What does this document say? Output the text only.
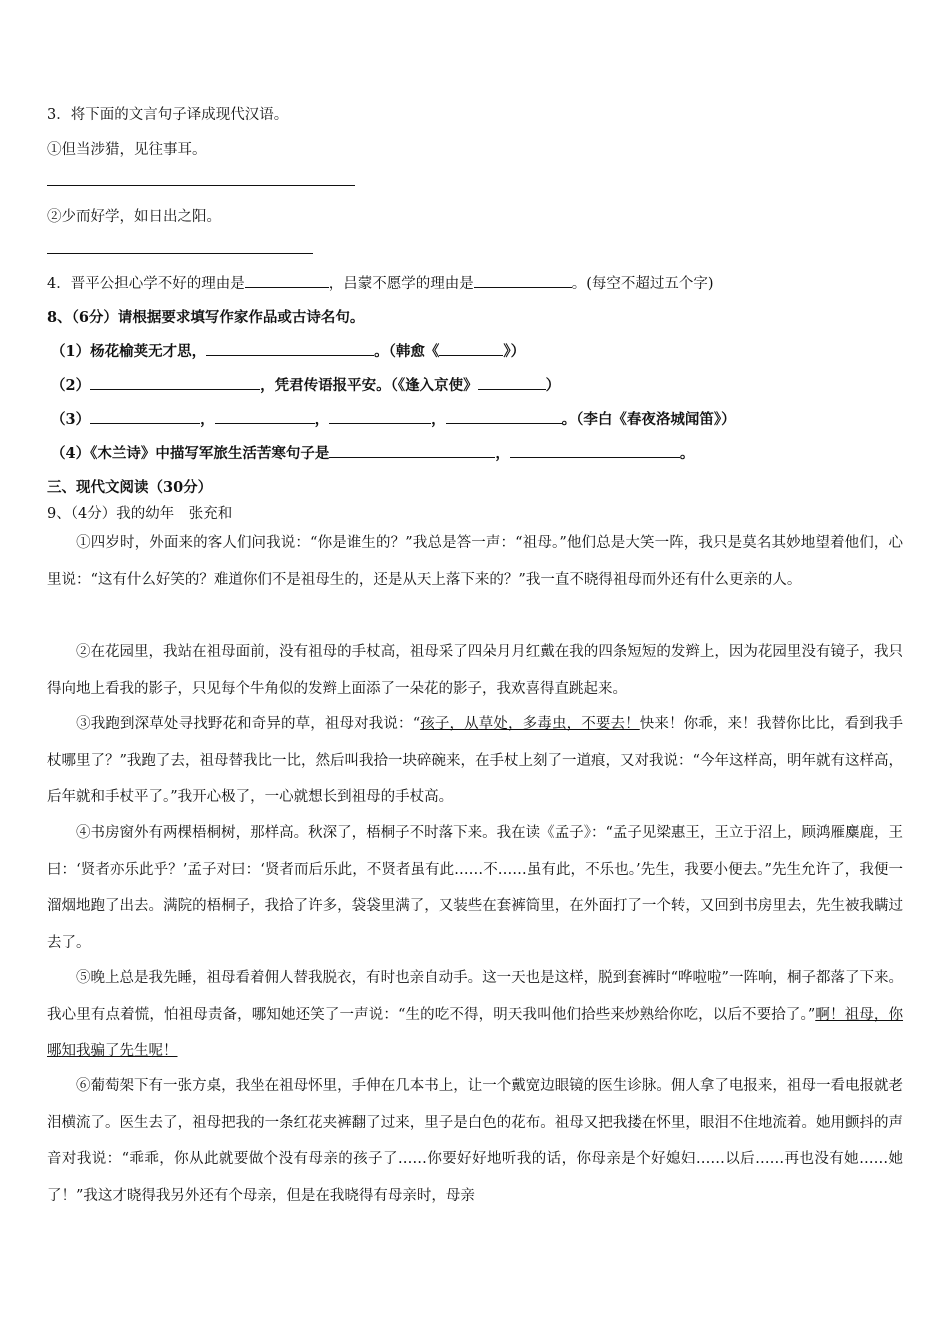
3．将下面的文言句子译成现代汉语。
①但当涉猎，见往事耳。
②少而好学，如日出之阳。
4．晋平公担心学不好的理由是	，吕蒙不愿学的理由是	。(每空不超过五个字)
8、（6分）请根据要求填写作家作品或古诗名句。
（1）杨花榆荚无才思，	。（韩愈《	》）
（2）	，凭君传语报平安。（《逢入京使》	）
（3）	，	，	，	。（李白《春夜洛城闻笛》）
（4）《木兰诗》中描写军旅生活苦寒句子是	，	。
三、现代文阅读（30分）
9、（4分）我的幼年　张充和
①四岁时，外面来的客人们问我说：“你是谁生的？”我总是答一声：“祖母。”他们总是大笑一阵，我只是莫名其妙地望着他们，心里说：“这有什么好笑的？难道你们不是祖母生的，还是从天上落下来的？”我一直不晓得祖母而外还有什么更亲的人。
②在花园里，我站在祖母面前，没有祖母的手杖高，祖母采了四朵月月红戴在我的四条短短的发辫上，因为花园里没有镜子，我只得向地上看我的影子，只见每个牛角似的发辫上面添了一朵花的影子，我欢喜得直跳起来。
③我跑到深草处寻找野花和奇异的草，祖母对我说：“孩子，从草处，多毒虫，不要去！快来！你乖，来！我替你比比，看到我手杖哪里了？”我跑了去，祖母替我比一比，然后叫我拾一块碎碗来，在手杖上刻了一道痕，又对我说：“今年这样高，明年就有这样高，后年就和手杖平了。”我开心极了，一心就想长到祖母的手杖高。
④书房窗外有两棵梧桐树，那样高。秋深了，梧桐子不时落下来。我在读《孟子》：“孟子见梁惠王，王立于沼上，顾鸿雁麋鹿，王曰：‘贤者亦乐此乎？’孟子对曰：‘贤者而后乐此，不贤者虽有此……不……虽有此，不乐也。’先生，我要小便去。”先生允许了，我便一溜烟地跑了出去。满院的梧桐子，我拾了许多，袋袋里满了，又装些在套裤筒里，在外面打了一个转，又回到书房里去，先生被我瞒过去了。
⑤晚上总是我先睡，祖母看着佣人替我脱衣，有时也亲自动手。这一天也是这样，脱到套裤时“哗啦啦”一阵响，桐子都落了下来。我心里有点着慌，怕祖母责备，哪知她还笑了一声说：“生的吃不得，明天我叫他们拾些来炒熟给你吃，以后不要拾了。”啊！祖母，你哪知我骗了先生呢！
⑥葡萄架下有一张方桌，我坐在祖母怀里，手伸在几本书上，让一个戴宽边眼镜的医生诊脉。佣人拿了电报来，祖母一看电报就老泪横流了。医生去了，祖母把我的一条红花夹裤翻了过来，里子是白色的花布。祖母又把我搂在怀里，眼泪不住地流着。她用颤抖的声音对我说：“乖乖，你从此就要做个没有母亲的孩子了……你要好好地听我的话，你母亲是个好媳妇……以后……再也没有她……她了！”我这才晓得我另外还有个母亲，但是在我晓得有母亲时，母亲
